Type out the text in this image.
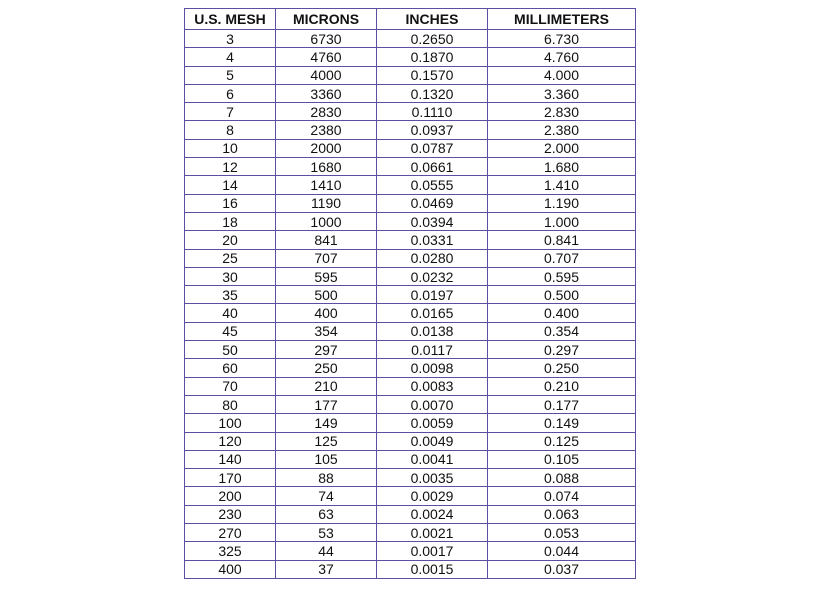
U.S. MESH	MICRONS	INCHES	MILLIMETERS
3	6730	0.2650	6.730
4	4760	0.1870	4.760
5	4000	0.1570	4.000
6	3360	0.1320	3.360
7	2830	0.1110	2.830
8	2380	0.0937	2.380
10	2000	0.0787	2.000
12	1680	0.0661	1.680
14	1410	0.0555	1.410
16	1190	0.0469	1.190
18	1000	0.0394	1.000
20	841	0.0331	0.841
25	707	0.0280	0.707
30	595	0.0232	0.595
35	500	0.0197	0.500
40	400	0.0165	0.400
45	354	0.0138	0.354
50	297	0.0117	0.297
60	250	0.0098	0.250
70	210	0.0083	0.210
80	177	0.0070	0.177
100	149	0.0059	0.149
120	125	0.0049	0.125
140	105	0.0041	0.105
170	88	0.0035	0.088
200	74	0.0029	0.074
230	63	0.0024	0.063
270	53	0.0021	0.053
325	44	0.0017	0.044
400	37	0.0015	0.037
